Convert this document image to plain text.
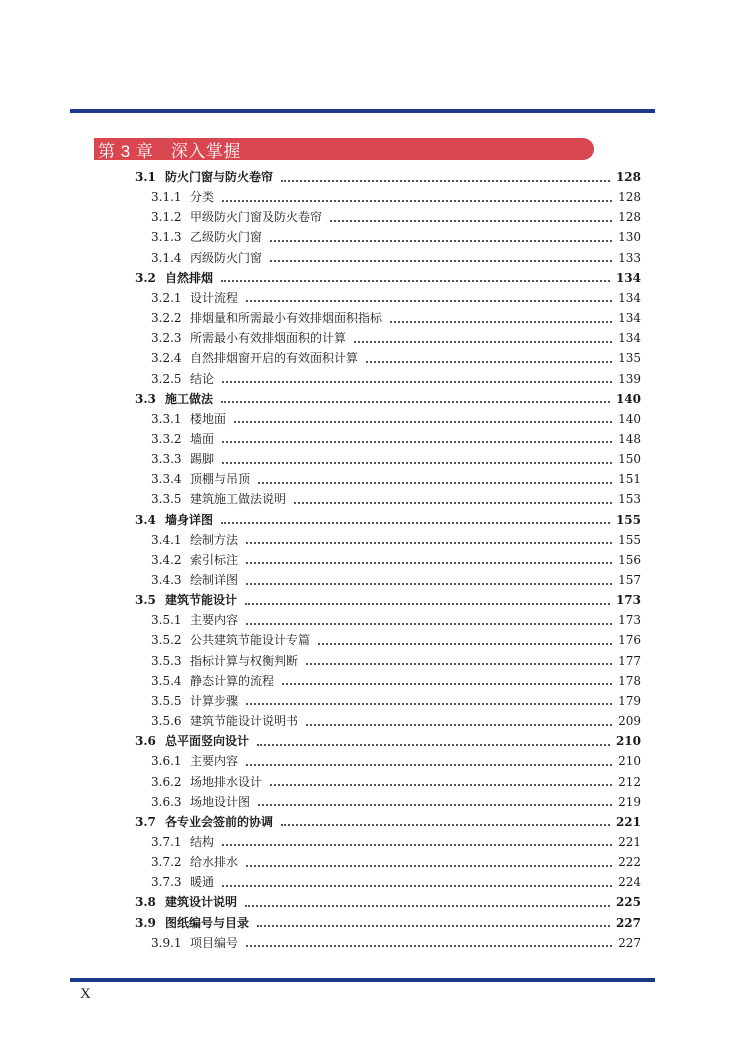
第 3 章　深入掌握
3.1 防火门窗与防火卷帘	128
3.1.1 分类	128
3.1.2 甲级防火门窗及防火卷帘	128
3.1.3 乙级防火门窗	130
3.1.4 丙级防火门窗	133
3.2 自然排烟	134
3.2.1 设计流程	134
3.2.2 排烟量和所需最小有效排烟面积指标	134
3.2.3 所需最小有效排烟面积的计算	134
3.2.4 自然排烟窗开启的有效面积计算	135
3.2.5 结论	139
3.3 施工做法	140
3.3.1 楼地面	140
3.3.2 墙面	148
3.3.3 踢脚	150
3.3.4 顶棚与吊顶	151
3.3.5 建筑施工做法说明	153
3.4 墙身详图	155
3.4.1 绘制方法	155
3.4.2 索引标注	156
3.4.3 绘制详图	157
3.5 建筑节能设计	173
3.5.1 主要内容	173
3.5.2 公共建筑节能设计专篇	176
3.5.3 指标计算与权衡判断	177
3.5.4 静态计算的流程	178
3.5.5 计算步骤	179
3.5.6 建筑节能设计说明书	209
3.6 总平面竖向设计	210
3.6.1 主要内容	210
3.6.2 场地排水设计	212
3.6.3 场地设计图	219
3.7 各专业会签前的协调	221
3.7.1 结构	221
3.7.2 给水排水	222
3.7.3 暖通	224
3.8 建筑设计说明	225
3.9 图纸编号与目录	227
3.9.1 项目编号	227
X
